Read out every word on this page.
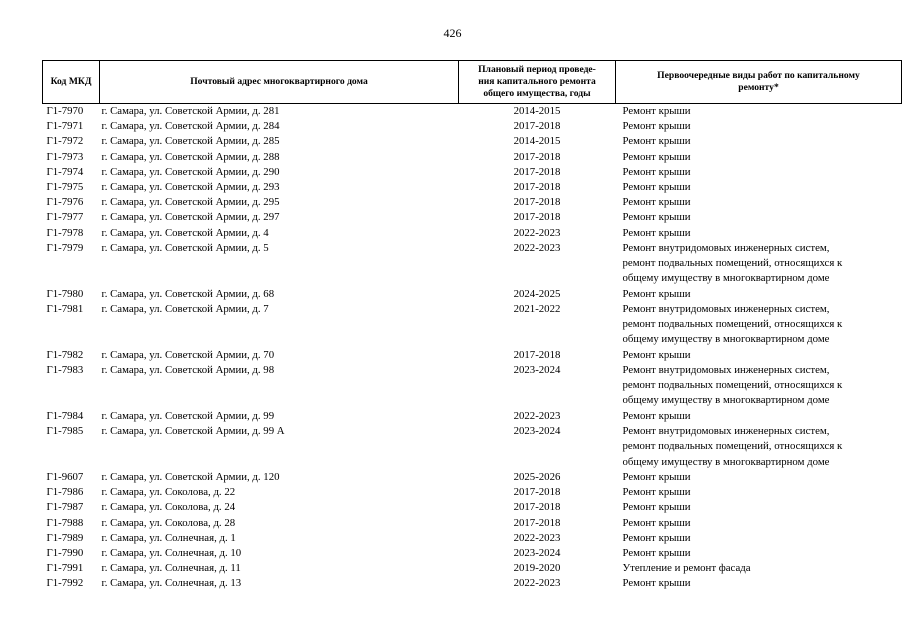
426
Код МКД	Почтовый адрес многоквартирного дома	Плановый период проведе-
ния капитального ремонта
общего имущества, годы	Первоочередные виды работ по капитальному
ремонту*

Г1-7970	г. Самара, ул. Советской Армии, д. 281	2014-2015	Ремонт крыши

Г1-7971	г. Самара, ул. Советской Армии, д. 284	2017-2018	Ремонт крыши

Г1-7972	г. Самара, ул. Советской Армии, д. 285	2014-2015	Ремонт крыши

Г1-7973	г. Самара, ул. Советской Армии, д. 288	2017-2018	Ремонт крыши

Г1-7974	г. Самара, ул. Советской Армии, д. 290	2017-2018	Ремонт крыши

Г1-7975	г. Самара, ул. Советской Армии, д. 293	2017-2018	Ремонт крыши

Г1-7976	г. Самара, ул. Советской Армии, д. 295	2017-2018	Ремонт крыши

Г1-7977	г. Самара, ул. Советской Армии, д. 297	2017-2018	Ремонт крыши

Г1-7978	г. Самара, ул. Советской Армии, д. 4	2022-2023	Ремонт крыши

Г1-7979	г. Самара, ул. Советской Армии, д. 5	2022-2023	Ремонт внутридомовых инженерных систем,
ремонт подвальных помещений, относящихся к
общему имуществу в многоквартирном доме

Г1-7980	г. Самара, ул. Советской Армии, д. 68	2024-2025	Ремонт крыши

Г1-7981	г. Самара, ул. Советской Армии, д. 7	2021-2022	Ремонт внутридомовых инженерных систем,
ремонт подвальных помещений, относящихся к
общему имуществу в многоквартирном доме

Г1-7982	г. Самара, ул. Советской Армии, д. 70	2017-2018	Ремонт крыши

Г1-7983	г. Самара, ул. Советской Армии, д. 98	2023-2024	Ремонт внутридомовых инженерных систем,
ремонт подвальных помещений, относящихся к
общему имуществу в многоквартирном доме

Г1-7984	г. Самара, ул. Советской Армии, д. 99	2022-2023	Ремонт крыши

Г1-7985	г. Самара, ул. Советской Армии, д. 99 А	2023-2024	Ремонт внутридомовых инженерных систем,
ремонт подвальных помещений, относящихся к
общему имуществу в многоквартирном доме

Г1-9607	г. Самара, ул. Советской Армии, д. 120	2025-2026	Ремонт крыши

Г1-7986	г. Самара, ул. Соколова, д. 22	2017-2018	Ремонт крыши

Г1-7987	г. Самара, ул. Соколова, д. 24	2017-2018	Ремонт крыши

Г1-7988	г. Самара, ул. Соколова, д. 28	2017-2018	Ремонт крыши

Г1-7989	г. Самара, ул. Солнечная, д. 1	2022-2023	Ремонт крыши

Г1-7990	г. Самара, ул. Солнечная, д. 10	2023-2024	Ремонт крыши

Г1-7991	г. Самара, ул. Солнечная, д. 11	2019-2020	Утепление и ремонт фасада

Г1-7992	г. Самара, ул. Солнечная, д. 13	2022-2023	Ремонт крыши
